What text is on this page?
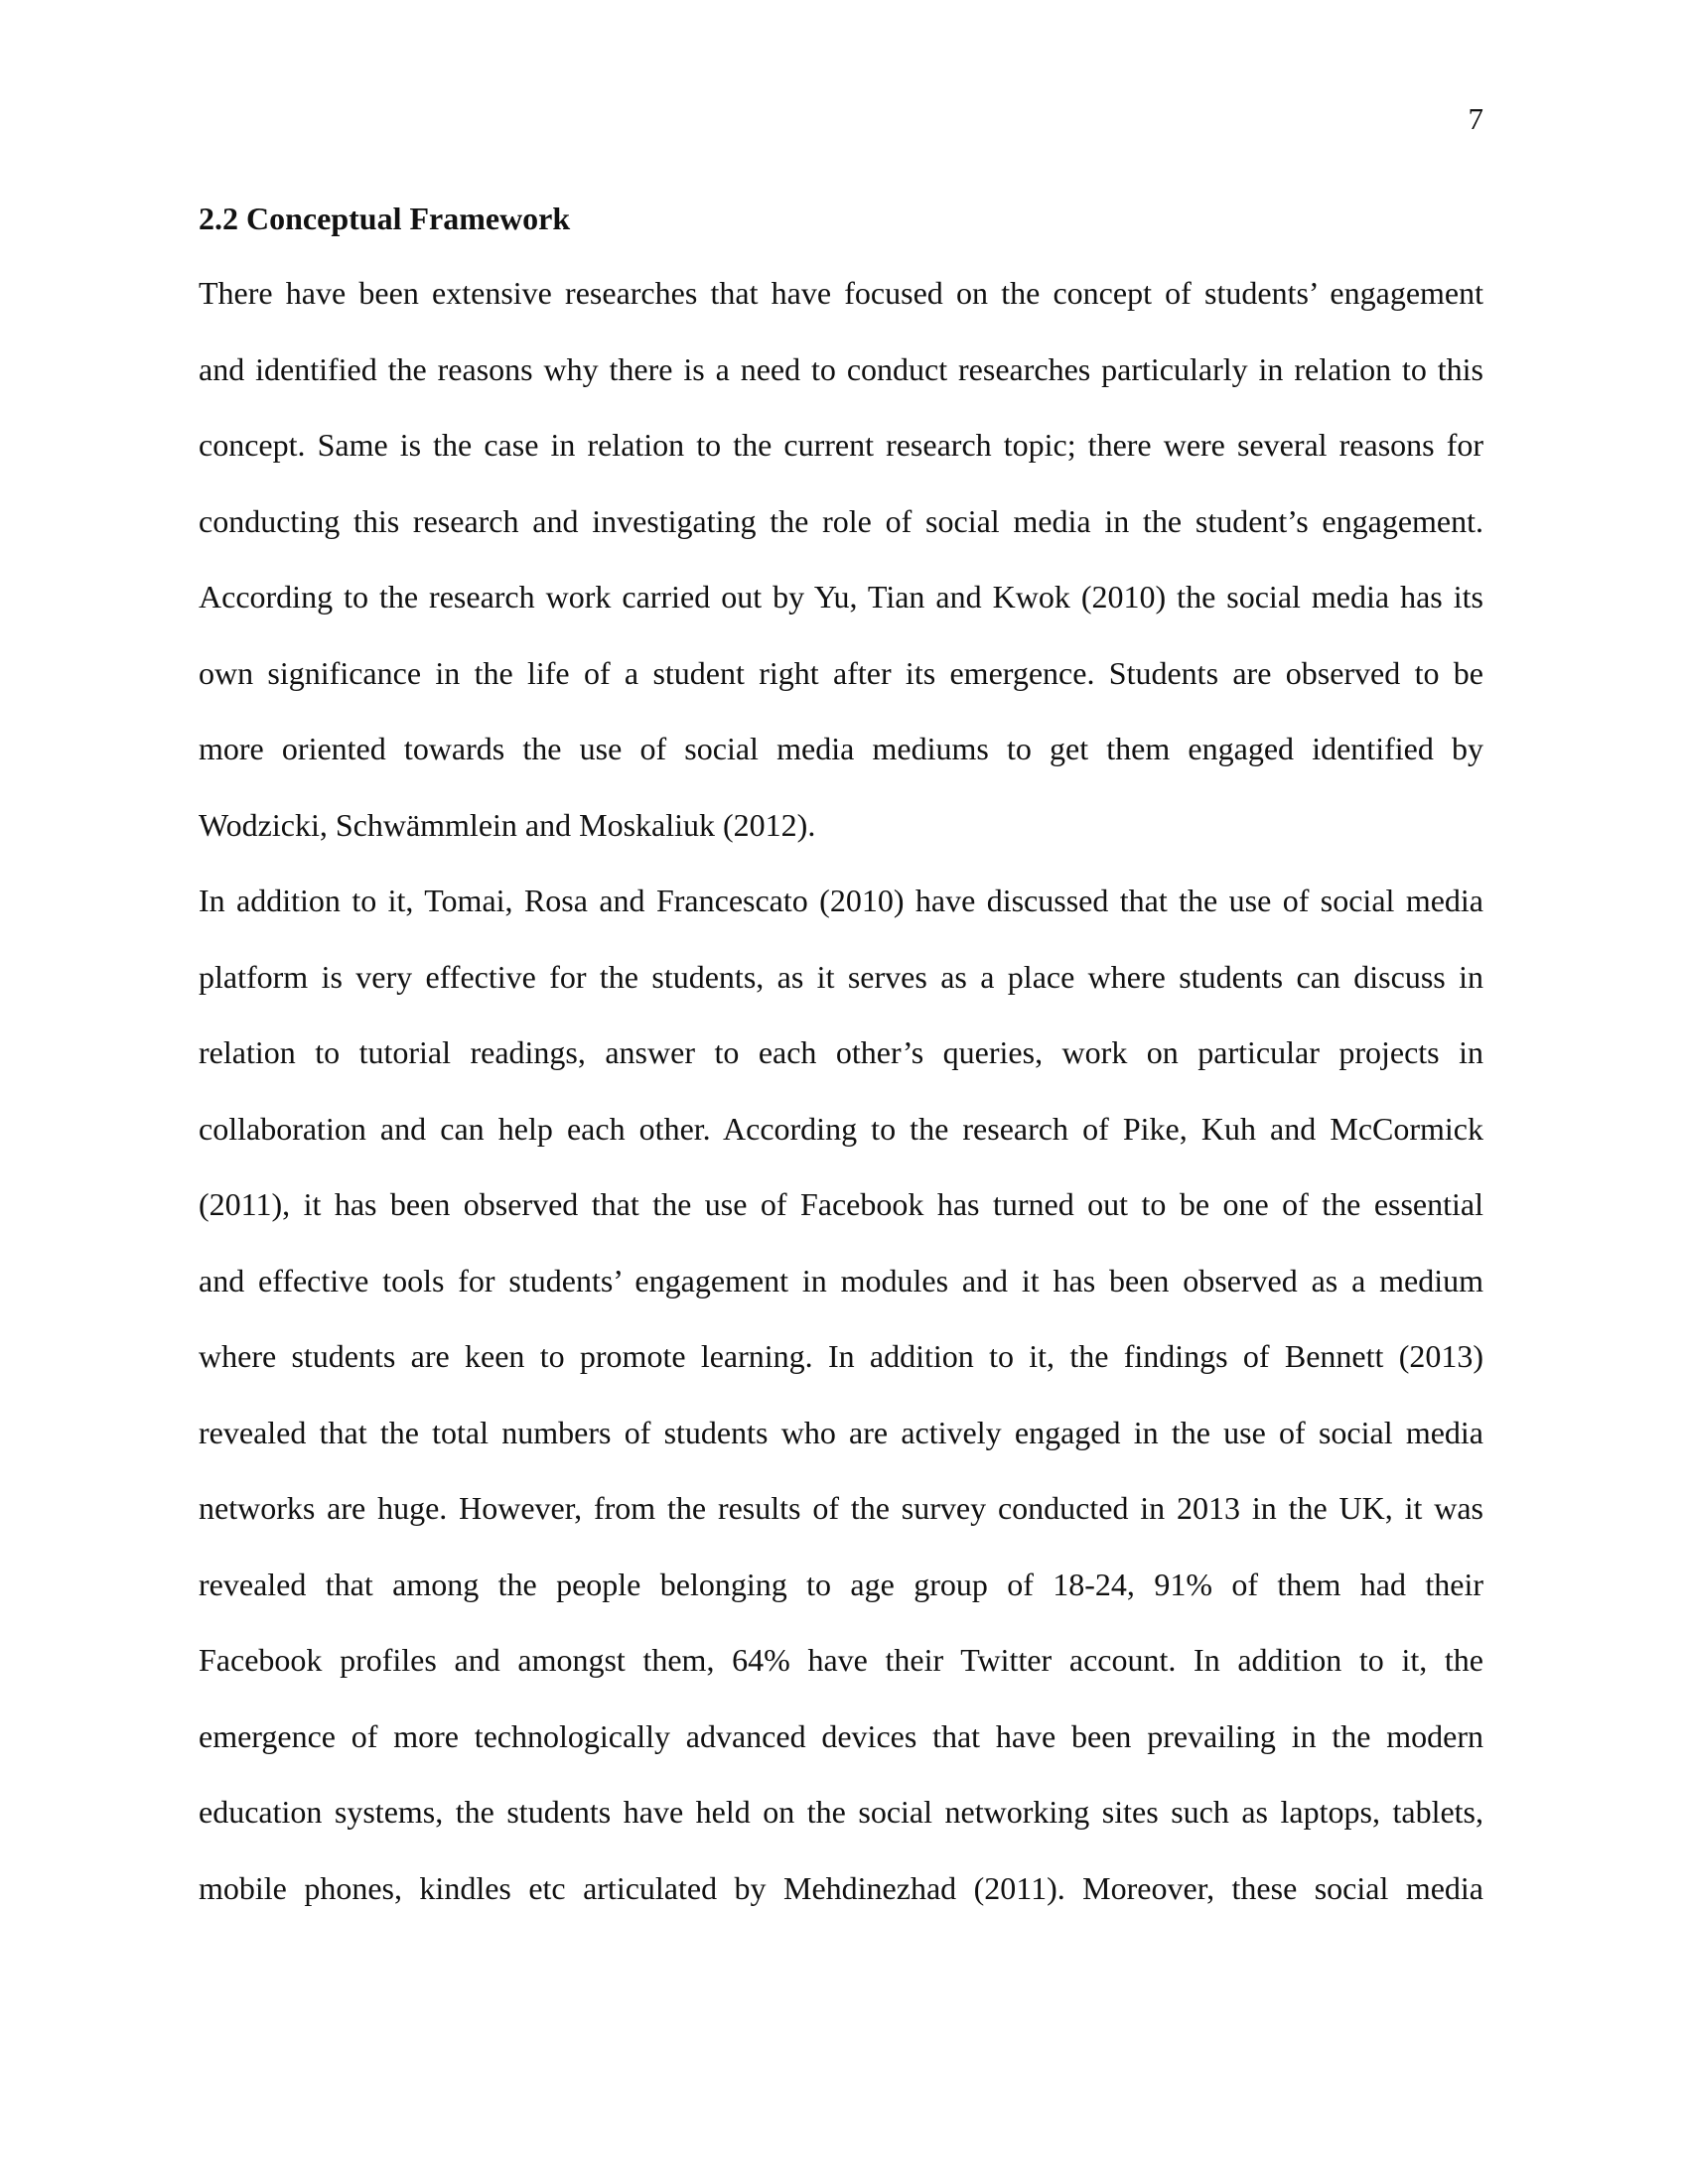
7
2.2 Conceptual Framework
There have been extensive researches that have focused on the concept of students’ engagement
and identified the reasons why there is a need to conduct researches particularly in relation to this
concept. Same is the case in relation to the current research topic; there were several reasons for
conducting this research and investigating the role of social media in the student’s engagement.
According to the research work carried out by Yu, Tian and Kwok (2010) the social media has its
own significance in the life of a student right after its emergence. Students are observed to be
more oriented towards the use of social media mediums to get them engaged identified by
Wodzicki, Schwämmlein and Moskaliuk (2012).
In addition to it, Tomai, Rosa and Francescato (2010) have discussed that the use of social media
platform is very effective for the students, as it serves as a place where students can discuss in
relation to tutorial readings, answer to each other’s queries, work on particular projects in
collaboration and can help each other. According to the research of Pike, Kuh and McCormick
(2011), it has been observed that the use of Facebook has turned out to be one of the essential
and effective tools for students’ engagement in modules and it has been observed as a medium
where students are keen to promote learning. In addition to it, the findings of Bennett (2013)
revealed that the total numbers of students who are actively engaged in the use of social media
networks are huge. However, from the results of the survey conducted in 2013 in the UK, it was
revealed that among the people belonging to age group of 18-24, 91% of them had their
Facebook profiles and amongst them, 64% have their Twitter account. In addition to it, the
emergence of more technologically advanced devices that have been prevailing in the modern
education systems, the students have held on the social networking sites such as laptops, tablets,
mobile phones, kindles etc articulated by Mehdinezhad (2011). Moreover, these social media
